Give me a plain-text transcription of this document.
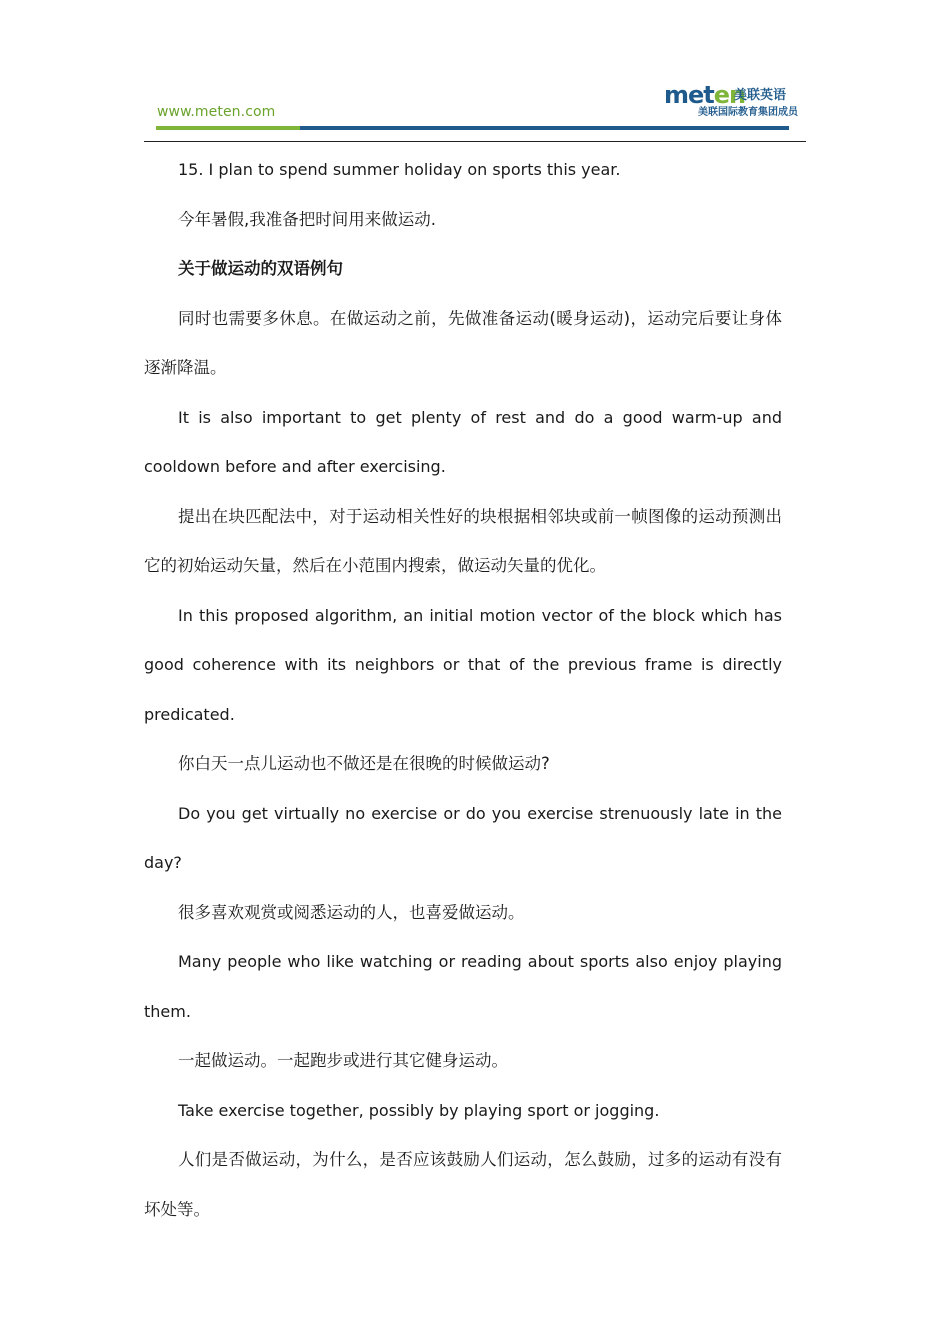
www.meten.com
meten
美联英语
美联国际教育集团成员

15. I plan to spend summer holiday on sports this year.

今年暑假,我准备把时间用来做运动.

关于做运动的双语例句

同时也需要多休息。在做运动之前，先做准备运动(暖身运动)，运动完后要让身体逐渐降温。

It is also important to get plenty of rest and do a good warm-up and cooldown before and after exercising.

提出在块匹配法中，对于运动相关性好的块根据相邻块或前一帧图像的运动预测出它的初始运动矢量，然后在小范围内搜索，做运动矢量的优化。

In this proposed algorithm, an initial motion vector of the block which has good coherence with its neighbors or that of the previous frame is directly predicated.

你白天一点儿运动也不做还是在很晚的时候做运动?

Do you get virtually no exercise or do you exercise strenuously late in the day?

很多喜欢观赏或阅悉运动的人，也喜爱做运动。

Many people who like watching or reading about sports also enjoy playing them.

一起做运动。一起跑步或进行其它健身运动。

Take exercise together, possibly by playing sport or jogging.

人们是否做运动，为什么，是否应该鼓励人们运动，怎么鼓励，过多的运动有没有坏处等。
